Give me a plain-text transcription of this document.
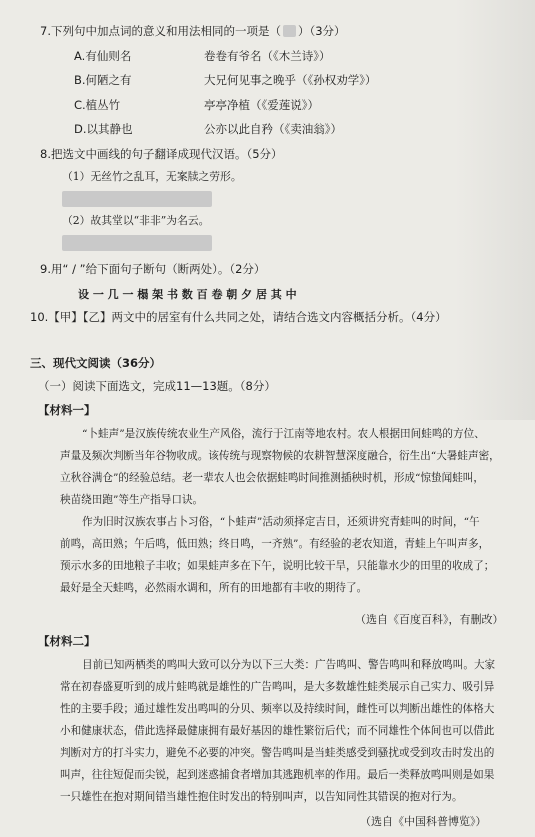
7.下列句中加点词的意义和用法相同的一项是（ ）（3分）
A.有仙则名	卷卷有爷名（《木兰诗》）
B.何陋之有	大兄何见事之晚乎（《孙权劝学》）
C.植丛竹	亭亭净植（《爱莲说》）
D.以其静也	公亦以此自矜（《卖油翁》）
8.把选文中画线的句子翻译成现代汉语。（5分）
（1）无丝竹之乱耳，无案牍之劳形。
（2）故其堂以“非非”为名云。
9.用“ / ”给下面句子断句（断两处）。（2分）
设 一 几 一 榻 架 书 数 百 卷 朝 夕 居 其 中
10.【甲】【乙】两文中的居室有什么共同之处，请结合选文内容概括分析。（4分）
三、现代文阅读（36分）
（一）阅读下面选文，完成11—13题。（8分）
【材料一】
“卜蛙声”是汉族传统农业生产风俗，流行于江南等地农村。农人根据田间蛙鸣的方位、
声量及频次判断当年谷物收成。该传统与现察物候的农耕智慧深度融合，衍生出“大暑蛙声密，
立秋谷满仓”的经验总结。老一辈农人也会依据蛙鸣时间推测插秧时机，形成“惊蛰闻蛙叫，
秧苗绕田跑”等生产指导口诀。
作为旧时汉族农事占卜习俗，“卜蛙声”活动须择定吉日，还须讲究青蛙叫的时间，“午
前鸣，高田熟；午后鸣，低田熟；终日鸣，一齐熟”。有经验的老农知道，青蛙上午叫声多，
预示水多的田地粮子丰收；如果蛙声多在下午，说明比较干旱，只能靠水少的田里的收成了；
最好是全天蛙鸣，必然雨水调和，所有的田地都有丰收的期待了。
（选自《百度百科》，有删改）
【材料二】
目前已知两栖类的鸣叫大致可以分为以下三大类：广告鸣叫、警告鸣叫和释放鸣叫。大家
常在初春盛夏听到的成片蛙鸣就是雄性的广告鸣叫，是大多数雄性蛙类展示自己实力、吸引异
性的主要手段；通过雄性发出鸣叫的分贝、频率以及持续时间，雌性可以判断出雄性的体格大
小和健康状态，借此选择最健康拥有最好基因的雄性繁衍后代；而不同雄性个体间也可以借此
判断对方的打斗实力，避免不必要的冲突。警告鸣叫是当蛙类感受到骚扰或受到攻击时发出的
叫声，往往短促而尖锐，起到迷惑捕食者增加其逃跑机率的作用。最后一类释放鸣叫则是如果
一只雄性在抱对期间错当雄性抱住时发出的特别叫声，以告知同性其错误的抱对行为。
（选自《中国科普博览》）
